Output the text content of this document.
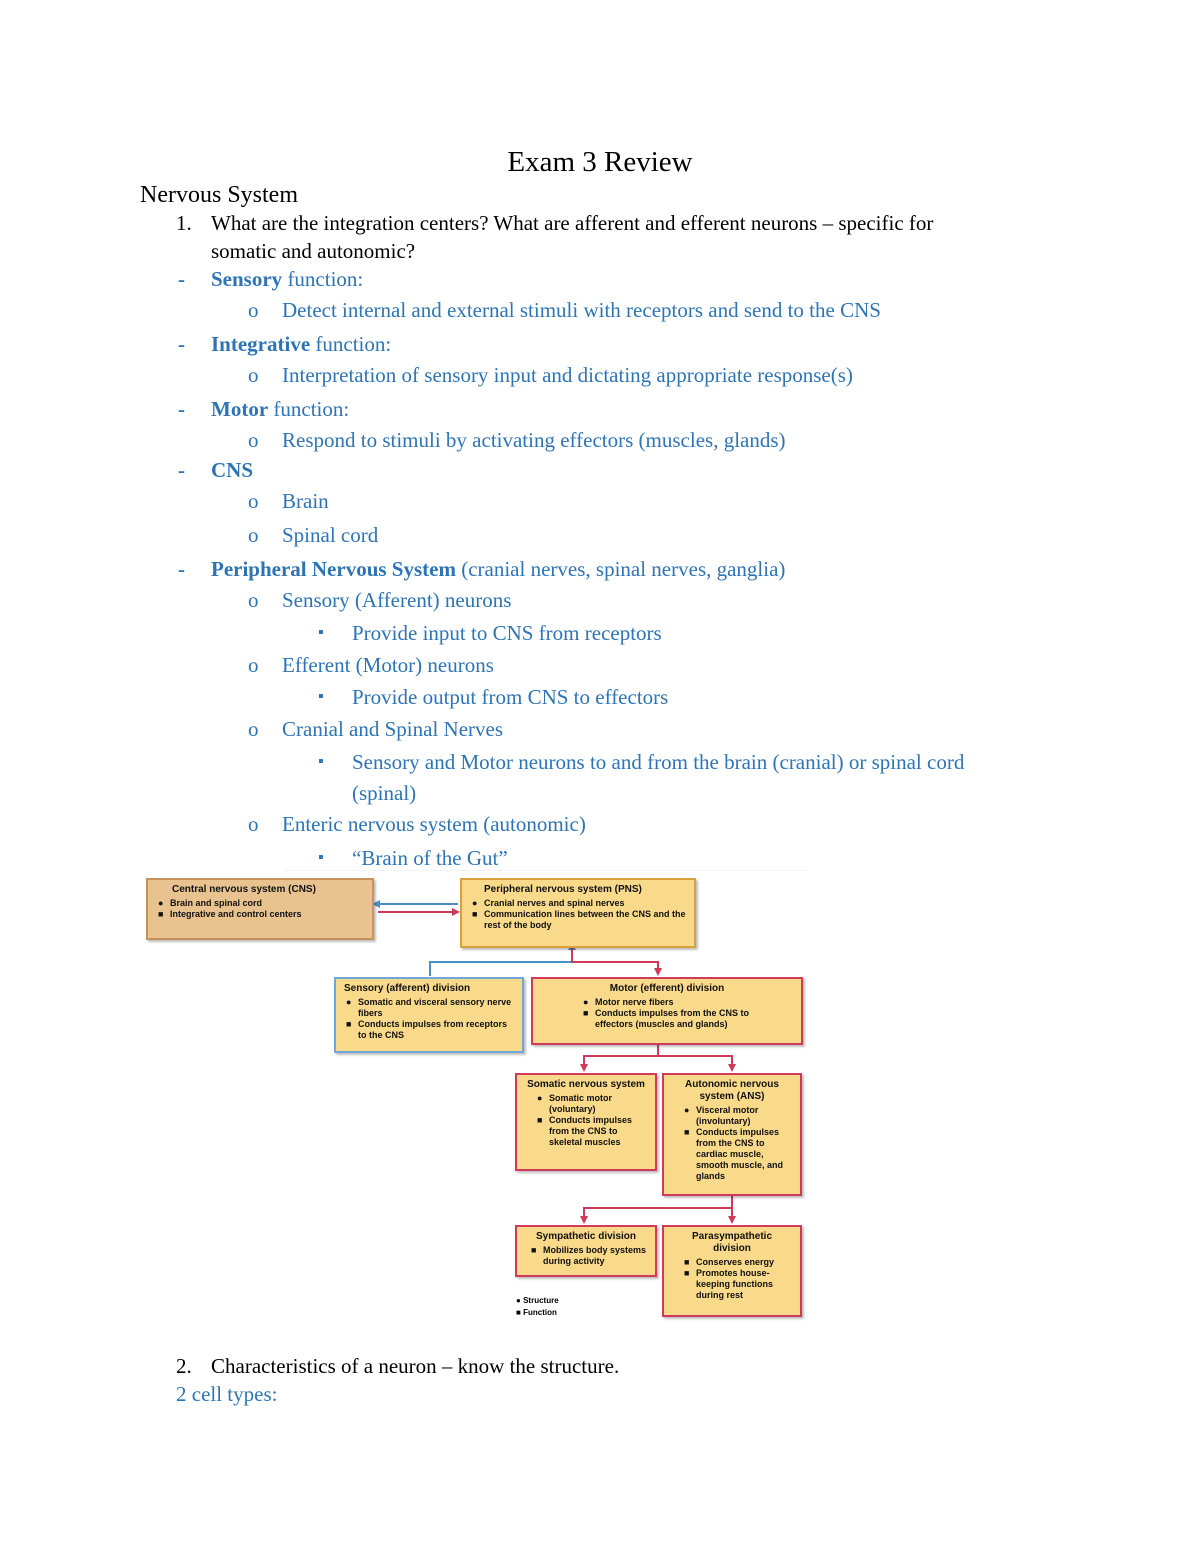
Exam 3 Review
Nervous System
1. What are the integration centers? What are afferent and efferent neurons – specific for
somatic and autonomic?
- Sensory function:
o Detect internal and external stimuli with receptors and send to the CNS
- Integrative function:
o Interpretation of sensory input and dictating appropriate response(s)
- Motor function:
o Respond to stimuli by activating effectors (muscles, glands)
- CNS
o Brain
o Spinal cord
- Peripheral Nervous System (cranial nerves, spinal nerves, ganglia)
o Sensory (Afferent) neurons
▪ Provide input to CNS from receptors
o Efferent (Motor) neurons
▪ Provide output from CNS to effectors
o Cranial and Spinal Nerves
▪ Sensory and Motor neurons to and from the brain (cranial) or spinal cord
(spinal)
o Enteric nervous system (autonomic)
▪ “Brain of the Gut”
Central nervous system (CNS)
● Brain and spinal cord
■ Integrative and control centers
Peripheral nervous system (PNS)
● Cranial nerves and spinal nerves
■ Communication lines between the CNS and the rest of the body
Sensory (afferent) division
● Somatic and visceral sensory nerve fibers
■ Conducts impulses from receptors to the CNS
Motor (efferent) division
● Motor nerve fibers
■ Conducts impulses from the CNS to effectors (muscles and glands)
Somatic nervous system
● Somatic motor (voluntary)
■ Conducts impulses from the CNS to skeletal muscles
Autonomic nervous system (ANS)
● Visceral motor (involuntary)
■ Conducts impulses from the CNS to cardiac muscle, smooth muscle, and glands
Sympathetic division
■ Mobilizes body systems during activity
Parasympathetic division
■ Conserves energy
■ Promotes house-keeping functions during rest
● Structure
■ Function
2. Characteristics of a neuron – know the structure.
2 cell types:
